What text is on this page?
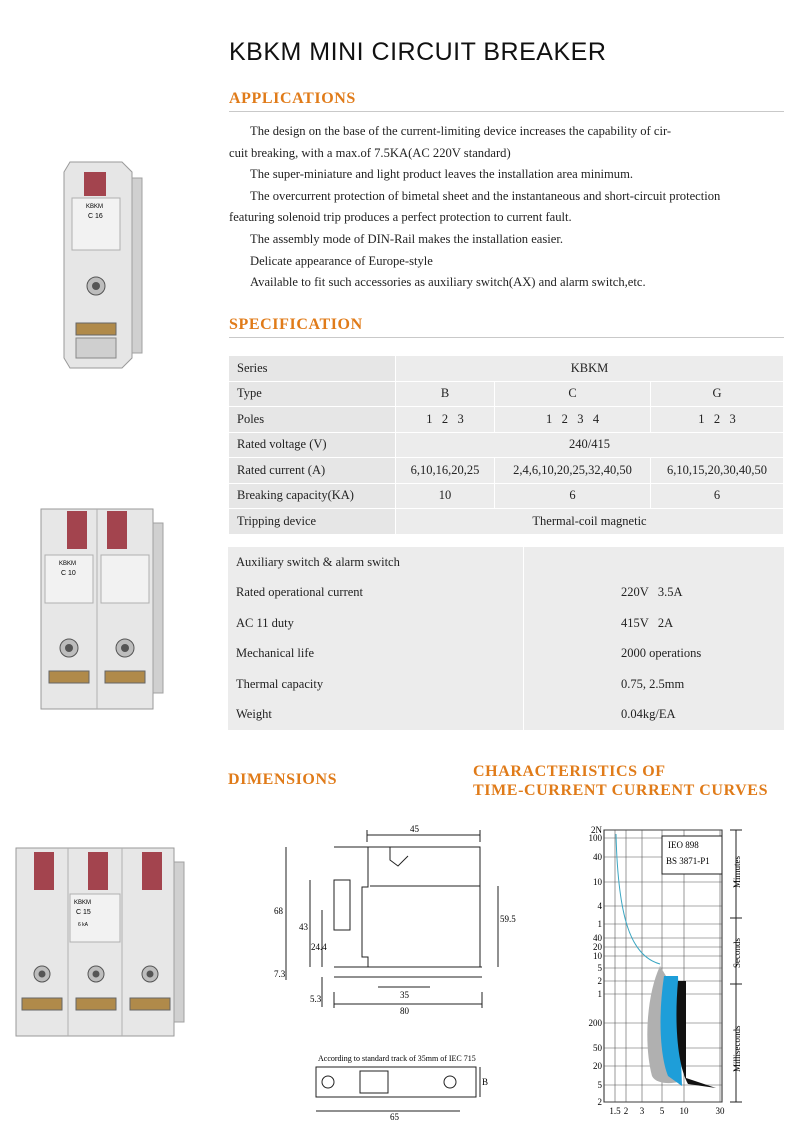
KBKM MINI CIRCUIT BREAKER
APPLICATIONS

The design on the base of the current-limiting device increases the capability of cir-

cuit breaking, with a max.of 7.5KA(AC 220V standard)

The super-miniature and light product leaves the installation area minimum.

The overcurrent protection of bimetal sheet and the instantaneous and short-circuit protection

featuring solenoid trip produces a perfect protection to current fault.

The assembly mode of DIN-Rail makes the installation easier.

Delicate appearance of Europe-style

Available to fit such accessories as auxiliary switch(AX) and alarm switch,etc.

SPECIFICATION
Series	KBKM		
Type	B	C	G
Poles	1   2   3	1   2   3   4	1   2   3
Rated voltage (V)	240/415		
Rated current (A)	6,10,16,20,25	2,4,6,10,20,25,32,40,50	6,10,15,20,30,40,50
Breaking capacity(KA)	10	6	6
Tripping device	Thermal-coil magnetic		
Auxiliary switch & alarm switch	
Rated operational current	220V   3.5A
AC 11 duty	415V   2A
Mechanical life	2000 operations
Thermal capacity	0.75, 2.5mm
Weight	0.04kg/EA
DIMENSIONS	CHARACTERISTICS OF
TIME-CURRENT CURRENT CURVES
KBKM
C 16
KBKM
C 10
KBKM
C 15
6 kA
45
68
43
24.4
59.5
7.3
5.3	35
80
According to standard track of 35mm of IEC 715
65
B
IEO 898
BS 3871-P1
2N
100
40
10
4
1
40
20
10
5
2
1
200
50
20
5
2
1.5 2 3 5 10	30
Mimutes
Seconds
Milliseconds
